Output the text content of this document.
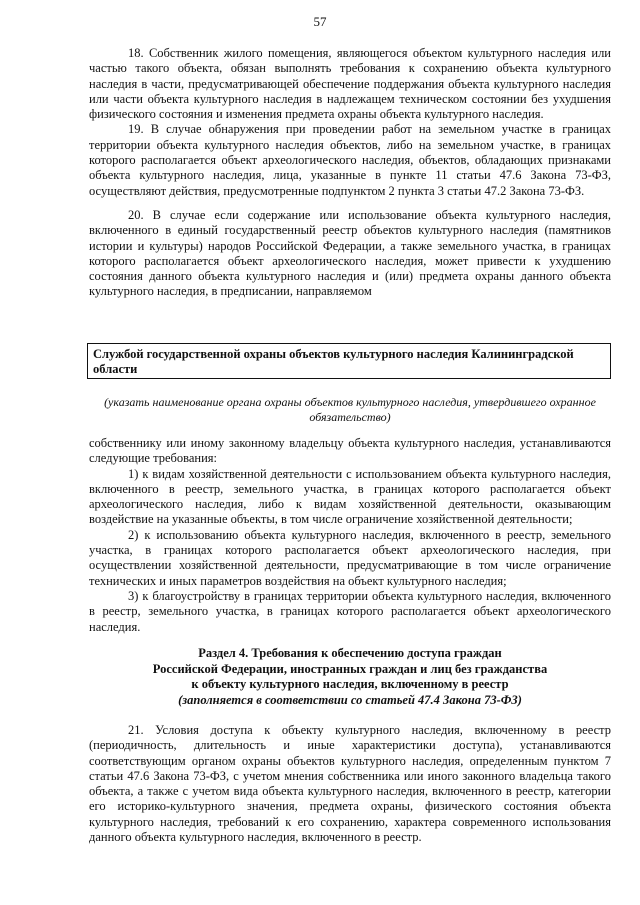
57

18. Собственник жилого помещения, являющегося объектом культурного наследия или частью такого объекта, обязан выполнять требования к сохранению объекта культурного наследия в части, предусматривающей обеспечение поддержания объекта культурного наследия или части объекта культурного наследия в надлежащем техническом состоянии без ухудшения физического состояния и изменения предмета охраны объекта культурного наследия.

19. В случае обнаружения при проведении работ на земельном участке в границах территории объекта культурного наследия объектов, либо на земельном участке, в границах которого располагается объект археологического наследия, объектов, обладающих признаками объекта культурного наследия, лица, указанные в пункте 11 статьи 47.6 Закона 73-ФЗ, осуществляют действия, предусмотренные подпунктом 2 пункта 3 статьи 47.2 Закона 73-ФЗ.

20. В случае если содержание или использование объекта культурного наследия, включенного в единый государственный реестр объектов культурного наследия (памятников истории и культуры) народов Российской Федерации, а также земельного участка, в границах которого располагается объект археологического наследия, может привести к ухудшению состояния данного объекта культурного наследия и (или) предмета охраны данного объекта культурного наследия, в предписании, направляемом

Службой государственной охраны объектов культурного наследия Калининградской области
(указать наименование органа охраны объектов культурного наследия, утвердившего охранное обязательство)

собственнику или иному законному владельцу объекта культурного наследия, устанавливаются следующие требования:

1) к видам хозяйственной деятельности с использованием объекта культурного наследия, включенного в реестр, земельного участка, в границах которого располагается объект археологического наследия, либо к видам хозяйственной деятельности, оказывающим воздействие на указанные объекты, в том числе ограничение хозяйственной деятельности;

2) к использованию объекта культурного наследия, включенного в реестр, земельного участка, в границах которого располагается объект археологического наследия, при осуществлении хозяйственной деятельности, предусматривающие в том числе ограничение технических и иных параметров воздействия на объект культурного наследия;

3) к благоустройству в границах территории объекта культурного наследия, включенного в реестр, земельного участка, в границах которого располагается объект археологического наследия.

Раздел 4. Требования к обеспечению доступа граждан
Российской Федерации, иностранных граждан и лиц без гражданства
к объекту культурного наследия, включенному в реестр
(заполняется в соответствии со статьей 47.4 Закона 73-ФЗ)

21. Условия доступа к объекту культурного наследия, включенному в реестр (периодичность, длительность и иные характеристики доступа), устанавливаются соответствующим органом охраны объектов культурного наследия, определенным пунктом 7 статьи 47.6 Закона 73-ФЗ, с учетом мнения собственника или иного законного владельца такого объекта, а также с учетом вида объекта культурного наследия, включенного в реестр, категории его историко-культурного значения, предмета охраны, физического состояния объекта культурного наследия, требований к его сохранению, характера современного использования данного объекта культурного наследия, включенного в реестр.
